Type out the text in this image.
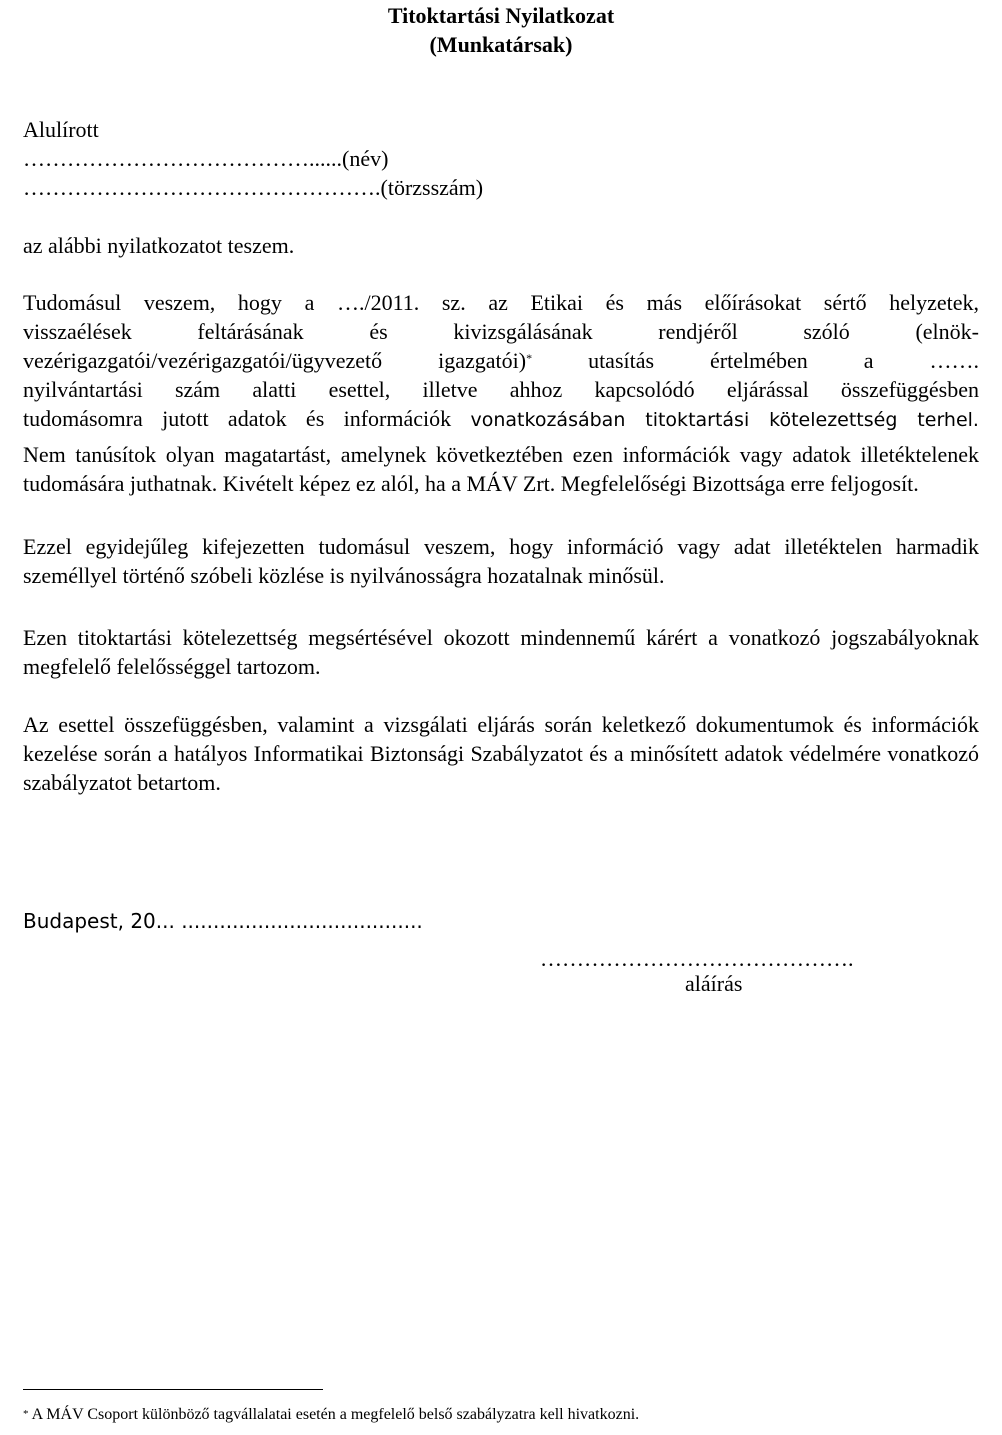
Titoktartási Nyilatkozat
(Munkatársak)
Alulírott
…………………………………......(név)
………………………………………….(törzsszám)
az alábbi nyilatkozatot teszem.
Tudomásul veszem, hogy a …./2011. sz. az Etikai és más előírásokat sértő helyzetek,
visszaélések feltárásának és kivizsgálásának rendjéről szóló (elnök-
vezérigazgatói/vezérigazgatói/ügyvezető igazgatói)* utasítás értelmében a …….
nyilvántartási szám alatti esettel, illetve ahhoz kapcsolódó eljárással összefüggésben
tudomásomra jutott adatok és információk vonatkozásában titoktartási kötelezettség terhel.
Nem tanúsítok olyan magatartást, amelynek következtében ezen információk vagy adatok illetéktelenek tudomására juthatnak. Kivételt képez ez alól, ha a MÁV Zrt. Megfelelőségi Bizottsága erre feljogosít.
Ezzel egyidejűleg kifejezetten tudomásul veszem, hogy információ vagy adat illetéktelen harmadik személlyel történő szóbeli közlése is nyilvánosságra hozatalnak minősül.
Ezen titoktartási kötelezettség megsértésével okozott mindennemű kárért a vonatkozó jogszabályoknak megfelelő felelősséggel tartozom.
Az esettel összefüggésben, valamint a vizsgálati eljárás során keletkező dokumentumok és információk kezelése során a hatályos Informatikai Biztonsági Szabályzatot és a minősített adatok védelmére vonatkozó szabályzatot betartom.
Budapest, 20... ......................................
…………………………………….
aláírás
* A MÁV Csoport különböző tagvállalatai esetén a megfelelő belső szabályzatra kell hivatkozni.
